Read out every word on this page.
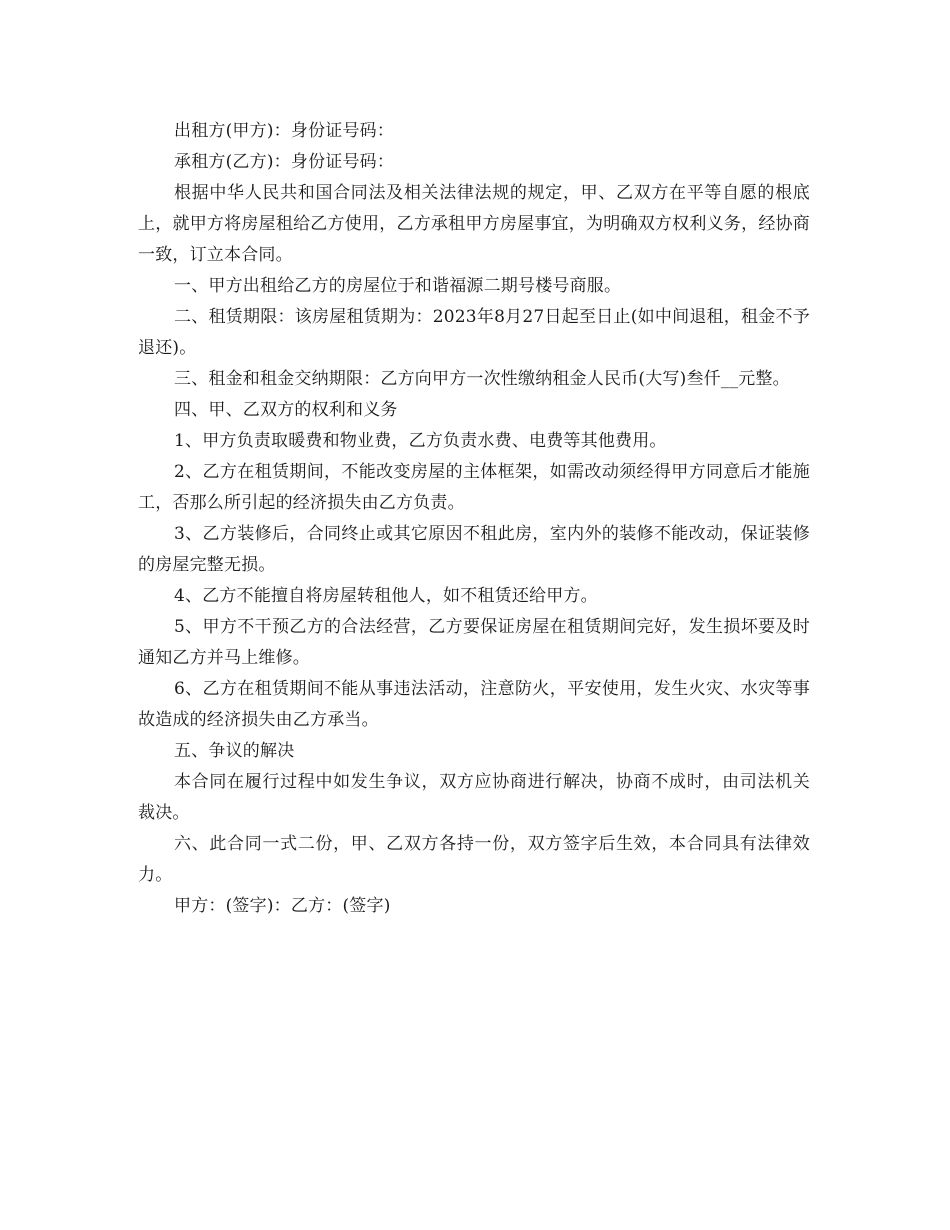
出租方(甲方)：身份证号码：

承租方(乙方)：身份证号码：

根据中华人民共和国合同法及相关法律法规的规定，甲、乙双方在平等自愿的根底上，就甲方将房屋租给乙方使用，乙方承租甲方房屋事宜，为明确双方权利义务，经协商一致，订立本合同。

一、甲方出租给乙方的房屋位于和谐福源二期号楼号商服。

二、租赁期限：该房屋租赁期为：2023年8月27日起至日止(如中间退租，租金不予退还)。

三、租金和租金交纳期限：乙方向甲方一次性缴纳租金人民币(大写)叁仟__元整。

四、甲、乙双方的权利和义务

1、甲方负责取暖费和物业费，乙方负责水费、电费等其他费用。

2、乙方在租赁期间，不能改变房屋的主体框架，如需改动须经得甲方同意后才能施工，否那么所引起的经济损失由乙方负责。

3、乙方装修后，合同终止或其它原因不租此房，室内外的装修不能改动，保证装修的房屋完整无损。

4、乙方不能擅自将房屋转租他人，如不租赁还给甲方。

5、甲方不干预乙方的合法经营，乙方要保证房屋在租赁期间完好，发生损坏要及时通知乙方并马上维修。

6、乙方在租赁期间不能从事违法活动，注意防火，平安使用，发生火灾、水灾等事故造成的经济损失由乙方承当。

五、争议的解决

本合同在履行过程中如发生争议，双方应协商进行解决，协商不成时，由司法机关裁决。

六、此合同一式二份，甲、乙双方各持一份，双方签字后生效，本合同具有法律效力。

甲方：(签字)：乙方：(签字)
